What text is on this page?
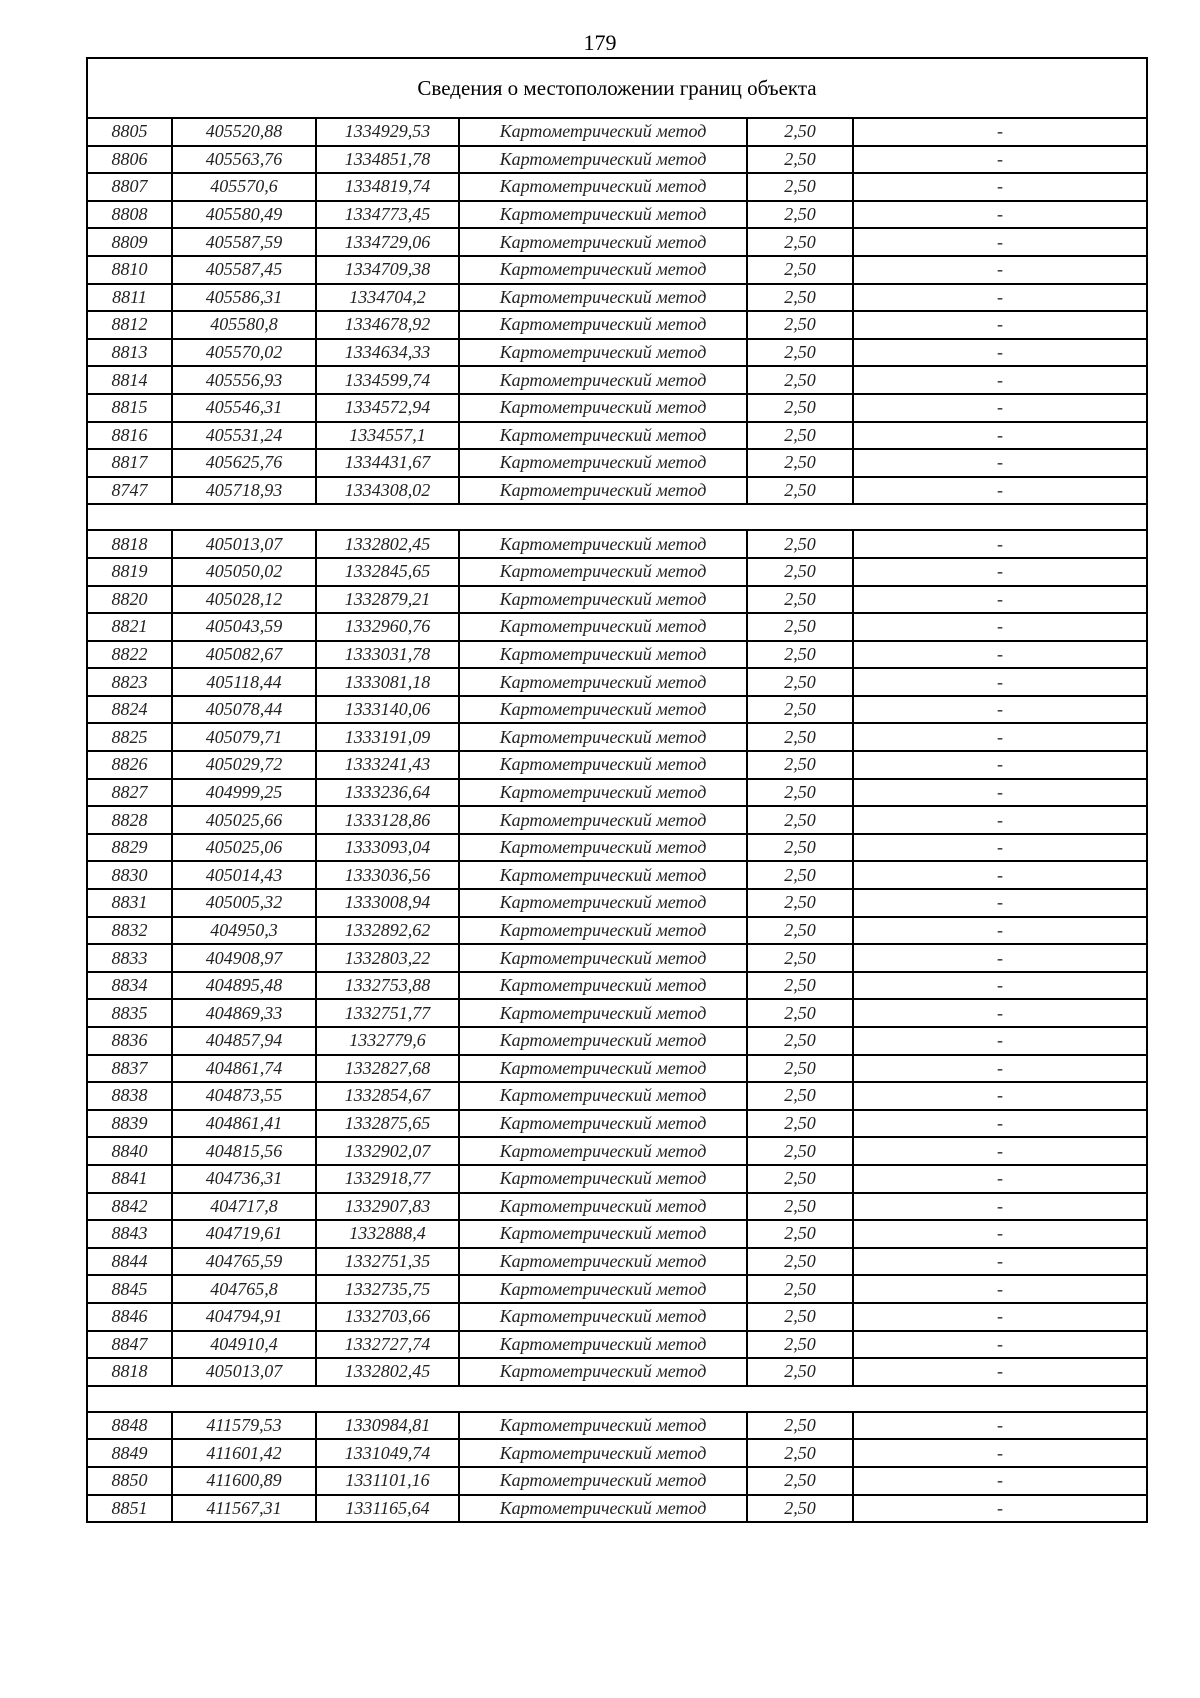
179
Сведения о местоположении границ объекта					
8805	405520,88	1334929,53	Картометрический метод	2,50	-
8806	405563,76	1334851,78	Картометрический метод	2,50	-
8807	405570,6	1334819,74	Картометрический метод	2,50	-
8808	405580,49	1334773,45	Картометрический метод	2,50	-
8809	405587,59	1334729,06	Картометрический метод	2,50	-
8810	405587,45	1334709,38	Картометрический метод	2,50	-
8811	405586,31	1334704,2	Картометрический метод	2,50	-
8812	405580,8	1334678,92	Картометрический метод	2,50	-
8813	405570,02	1334634,33	Картометрический метод	2,50	-
8814	405556,93	1334599,74	Картометрический метод	2,50	-
8815	405546,31	1334572,94	Картометрический метод	2,50	-
8816	405531,24	1334557,1	Картометрический метод	2,50	-
8817	405625,76	1334431,67	Картометрический метод	2,50	-
8747	405718,93	1334308,02	Картометрический метод	2,50	-

8818	405013,07	1332802,45	Картометрический метод	2,50	-
8819	405050,02	1332845,65	Картометрический метод	2,50	-
8820	405028,12	1332879,21	Картометрический метод	2,50	-
8821	405043,59	1332960,76	Картометрический метод	2,50	-
8822	405082,67	1333031,78	Картометрический метод	2,50	-
8823	405118,44	1333081,18	Картометрический метод	2,50	-
8824	405078,44	1333140,06	Картометрический метод	2,50	-
8825	405079,71	1333191,09	Картометрический метод	2,50	-
8826	405029,72	1333241,43	Картометрический метод	2,50	-
8827	404999,25	1333236,64	Картометрический метод	2,50	-
8828	405025,66	1333128,86	Картометрический метод	2,50	-
8829	405025,06	1333093,04	Картометрический метод	2,50	-
8830	405014,43	1333036,56	Картометрический метод	2,50	-
8831	405005,32	1333008,94	Картометрический метод	2,50	-
8832	404950,3	1332892,62	Картометрический метод	2,50	-
8833	404908,97	1332803,22	Картометрический метод	2,50	-
8834	404895,48	1332753,88	Картометрический метод	2,50	-
8835	404869,33	1332751,77	Картометрический метод	2,50	-
8836	404857,94	1332779,6	Картометрический метод	2,50	-
8837	404861,74	1332827,68	Картометрический метод	2,50	-
8838	404873,55	1332854,67	Картометрический метод	2,50	-
8839	404861,41	1332875,65	Картометрический метод	2,50	-
8840	404815,56	1332902,07	Картометрический метод	2,50	-
8841	404736,31	1332918,77	Картометрический метод	2,50	-
8842	404717,8	1332907,83	Картометрический метод	2,50	-
8843	404719,61	1332888,4	Картометрический метод	2,50	-
8844	404765,59	1332751,35	Картометрический метод	2,50	-
8845	404765,8	1332735,75	Картометрический метод	2,50	-
8846	404794,91	1332703,66	Картометрический метод	2,50	-
8847	404910,4	1332727,74	Картометрический метод	2,50	-
8818	405013,07	1332802,45	Картометрический метод	2,50	-

8848	411579,53	1330984,81	Картометрический метод	2,50	-
8849	411601,42	1331049,74	Картометрический метод	2,50	-
8850	411600,89	1331101,16	Картометрический метод	2,50	-
8851	411567,31	1331165,64	Картометрический метод	2,50	-
